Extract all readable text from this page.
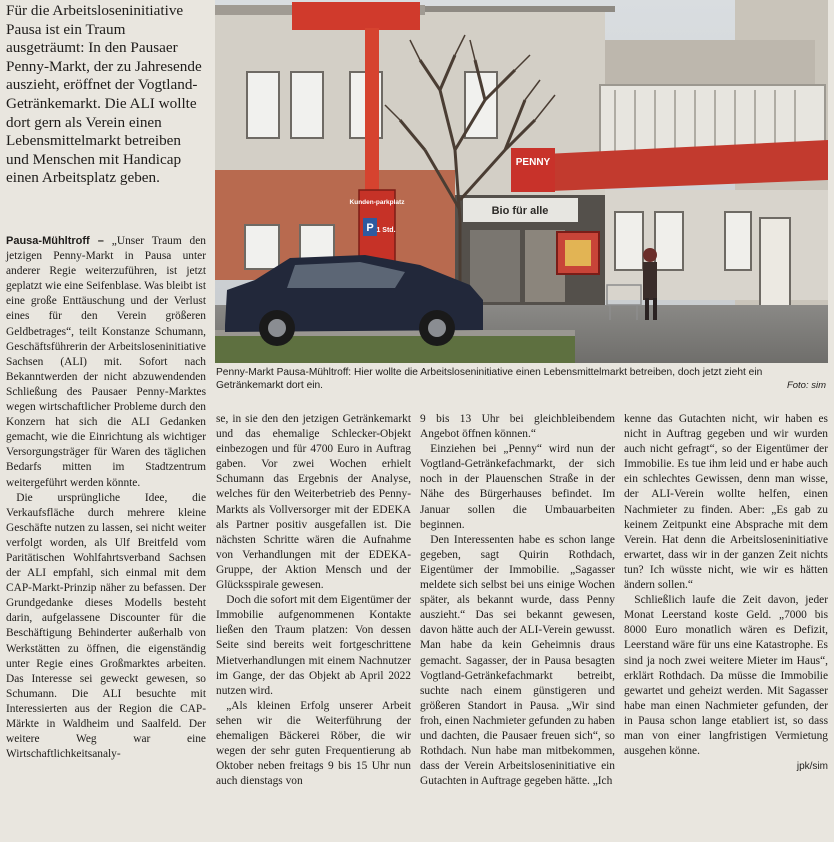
Für die Arbeitsloseninitiative Pausa ist ein Traum ausgeträumt: In den Pausaer Penny-Markt, der zu Jahresende auszieht, eröffnet der Vogtland-Getränkemarkt. Die ALI wollte dort gern als Verein einen Lebensmittelmarkt betreiben und Menschen mit Handicap einen Arbeitsplatz geben.

PENNY
Bio für alle
Kunden-parkplatz
P 1 Std.
Penny-Markt Pausa-Mühltroff: Hier wollte die Arbeitsloseninitiative einen Lebensmittelmarkt betreiben, doch jetzt zieht ein Getränkemarkt dort ein.	Foto: sim

Pausa-Mühltroff – „Unser Traum den jetzigen Penny-Markt in Pausa unter anderer Regie weiterzuführen, ist jetzt geplatzt wie eine Seifenblase. Was bleibt ist eine große Enttäuschung und der Verlust eines für den Verein größeren Geldbetrages“, teilt Konstanze Schumann, Geschäftsführerin der Arbeitsloseninitiative Sachsen (ALI) mit. Sofort nach Bekanntwerden der nicht abzuwendenden Schließung des Pausaer Penny-Marktes wegen wirtschaftlicher Probleme durch den Konzern hat sich die ALI Gedanken gemacht, wie die Einrichtung als wichtiger Versorgungsträger für Waren des täglichen Bedarfs mitten im Stadtzentrum weitergeführt werden könnte.

Die ursprüngliche Idee, die Verkaufsfläche durch mehrere kleine Geschäfte nutzen zu lassen, sei nicht weiter verfolgt worden, als Ulf Breitfeld vom Paritätischen Wohlfahrtsverband Sachsen der ALI empfahl, sich einmal mit dem CAP-Markt-Prinzip näher zu befassen. Der Grundgedanke dieses Modells besteht darin, aufgelassene Discounter für die Beschäftigung Behinderter außerhalb von Werkstätten zu öffnen, die eigenständig unter Regie eines Großmarktes arbeiten. Das Interesse sei geweckt gewesen, so Schumann. Die ALI besuchte mit Interessierten aus der Region die CAP-Märkte in Waldheim und Saalfeld. Der weitere Weg war eine Wirtschaftlichkeitsanaly-

se, in sie den den jetzigen Getränkemarkt und das ehemalige Schlecker-Objekt einbezogen und für 4700 Euro in Auftrag gaben. Vor zwei Wochen erhielt Schumann das Ergebnis der Analyse, welches für den Weiterbetrieb des Penny-Markts als Vollversorger mit der EDEKA als Partner positiv ausgefallen ist. Die nächsten Schritte wären die Aufnahme von Verhandlungen mit der EDEKA-Gruppe, der Aktion Mensch und der Glücksspirale gewesen.

Doch die sofort mit dem Eigentümer der Immobilie aufgenommenen Kontakte ließen den Traum platzen: Von dessen Seite sind bereits weit fortgeschrittene Mietverhandlungen mit einem Nachnutzer im Gange, der das Objekt ab April 2022 nutzen wird.

„Als kleinen Erfolg unserer Arbeit sehen wir die Weiterführung der ehemaligen Bäckerei Röber, die wir wegen der sehr guten Frequentierung ab Oktober neben freitags 9 bis 15 Uhr nun auch dienstags von

9 bis 13 Uhr bei gleichbleibendem Angebot öffnen können.“

Einziehen bei „Penny“ wird nun der Vogtland-Getränkefachmarkt, der sich noch in der Plauenschen Straße in der Nähe des Bürgerhauses befindet. Im Januar sollen die Umbauarbeiten beginnen.

Den Interessenten habe es schon lange gegeben, sagt Quirin Rothdach, Eigentümer der Immobilie. „Sagasser meldete sich selbst bei uns einige Wochen später, als bekannt wurde, dass Penny auszieht.“ Das sei bekannt gewesen, davon hätte auch der ALI-Verein gewusst. Man habe da kein Geheimnis draus gemacht. Sagasser, der in Pausa besagten Vogtland-Getränkefachmarkt betreibt, suchte nach einem günstigeren und größeren Standort in Pausa. „Wir sind froh, einen Nachmieter gefunden zu haben und dachten, die Pausaer freuen sich“, so Rothdach. Nun habe man mitbekommen, dass der Verein Arbeitsloseninitiative ein Gutachten in Auftrage gegeben hätte. „Ich

kenne das Gutachten nicht, wir haben es nicht in Auftrag gegeben und wir wurden auch nicht gefragt“, so der Eigentümer der Immobilie. Es tue ihm leid und er habe auch ein schlechtes Gewissen, denn man wisse, der ALI-Verein wollte helfen, einen Nachmieter zu finden. Aber: „Es gab zu keinem Zeitpunkt eine Absprache mit dem Verein. Hat denn die Arbeitsloseninitiative erwartet, dass wir in der ganzen Zeit nichts tun? Ich wüsste nicht, wie wir es hätten ändern sollen.“

Schließlich laufe die Zeit davon, jeder Monat Leerstand koste Geld. „7000 bis 8000 Euro monatlich wären es Defizit, Leerstand wäre für uns eine Katastrophe. Es sind ja noch zwei weitere Mieter im Haus“, erklärt Rothdach. Da müsse die Immobilie gewartet und geheizt werden. Mit Sagasser habe man einen Nachmieter gefunden, der in Pausa schon lange etabliert ist, so dass man von einer langfristigen Vermietung ausgehen könne.

jpk/sim
